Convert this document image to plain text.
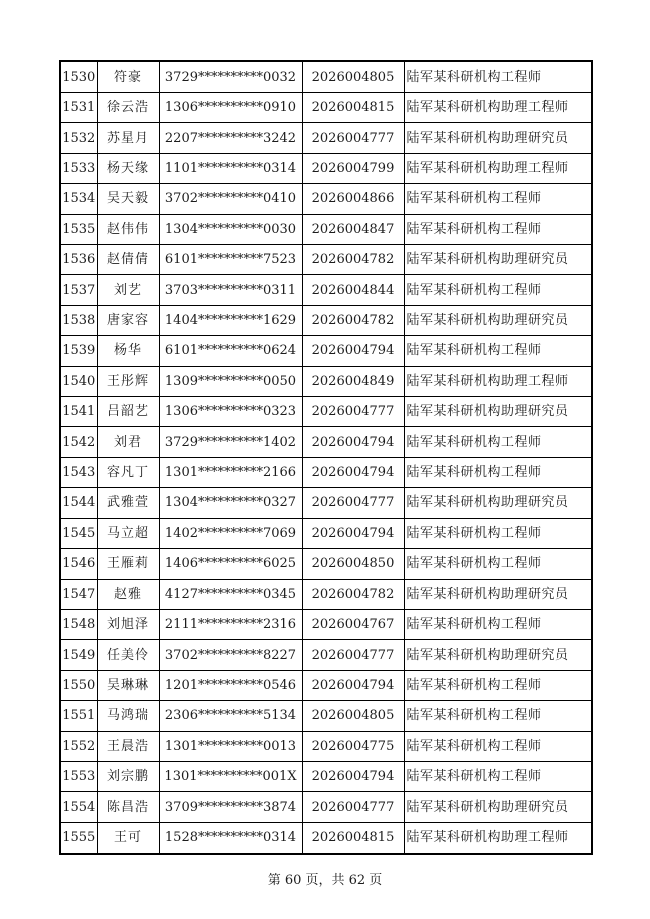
1530	符豪	3729**********0032	2026004805	陆军某科研机构工程师
1531	徐云浩	1306**********0910	2026004815	陆军某科研机构助理工程师
1532	苏星月	2207**********3242	2026004777	陆军某科研机构助理研究员
1533	杨天缘	1101**********0314	2026004799	陆军某科研机构助理工程师
1534	吴天毅	3702**********0410	2026004866	陆军某科研机构工程师
1535	赵伟伟	1304**********0030	2026004847	陆军某科研机构工程师
1536	赵倩倩	6101**********7523	2026004782	陆军某科研机构助理研究员
1537	刘艺	3703**********0311	2026004844	陆军某科研机构工程师
1538	唐家容	1404**********1629	2026004782	陆军某科研机构助理研究员
1539	杨华	6101**********0624	2026004794	陆军某科研机构工程师
1540	王彤辉	1309**********0050	2026004849	陆军某科研机构助理工程师
1541	吕韶艺	1306**********0323	2026004777	陆军某科研机构助理研究员
1542	刘君	3729**********1402	2026004794	陆军某科研机构工程师
1543	容凡丁	1301**********2166	2026004794	陆军某科研机构工程师
1544	武雅萱	1304**********0327	2026004777	陆军某科研机构助理研究员
1545	马立超	1402**********7069	2026004794	陆军某科研机构工程师
1546	王雁莉	1406**********6025	2026004850	陆军某科研机构工程师
1547	赵雅	4127**********0345	2026004782	陆军某科研机构助理研究员
1548	刘旭泽	2111**********2316	2026004767	陆军某科研机构工程师
1549	任美伶	3702**********8227	2026004777	陆军某科研机构助理研究员
1550	吴琳琳	1201**********0546	2026004794	陆军某科研机构工程师
1551	马鸿瑞	2306**********5134	2026004805	陆军某科研机构工程师
1552	王晨浩	1301**********0013	2026004775	陆军某科研机构工程师
1553	刘宗鹏	1301**********001X	2026004794	陆军某科研机构工程师
1554	陈昌浩	3709**********3874	2026004777	陆军某科研机构助理研究员
1555	王可	1528**********0314	2026004815	陆军某科研机构助理工程师
第 60 页，共 62 页
